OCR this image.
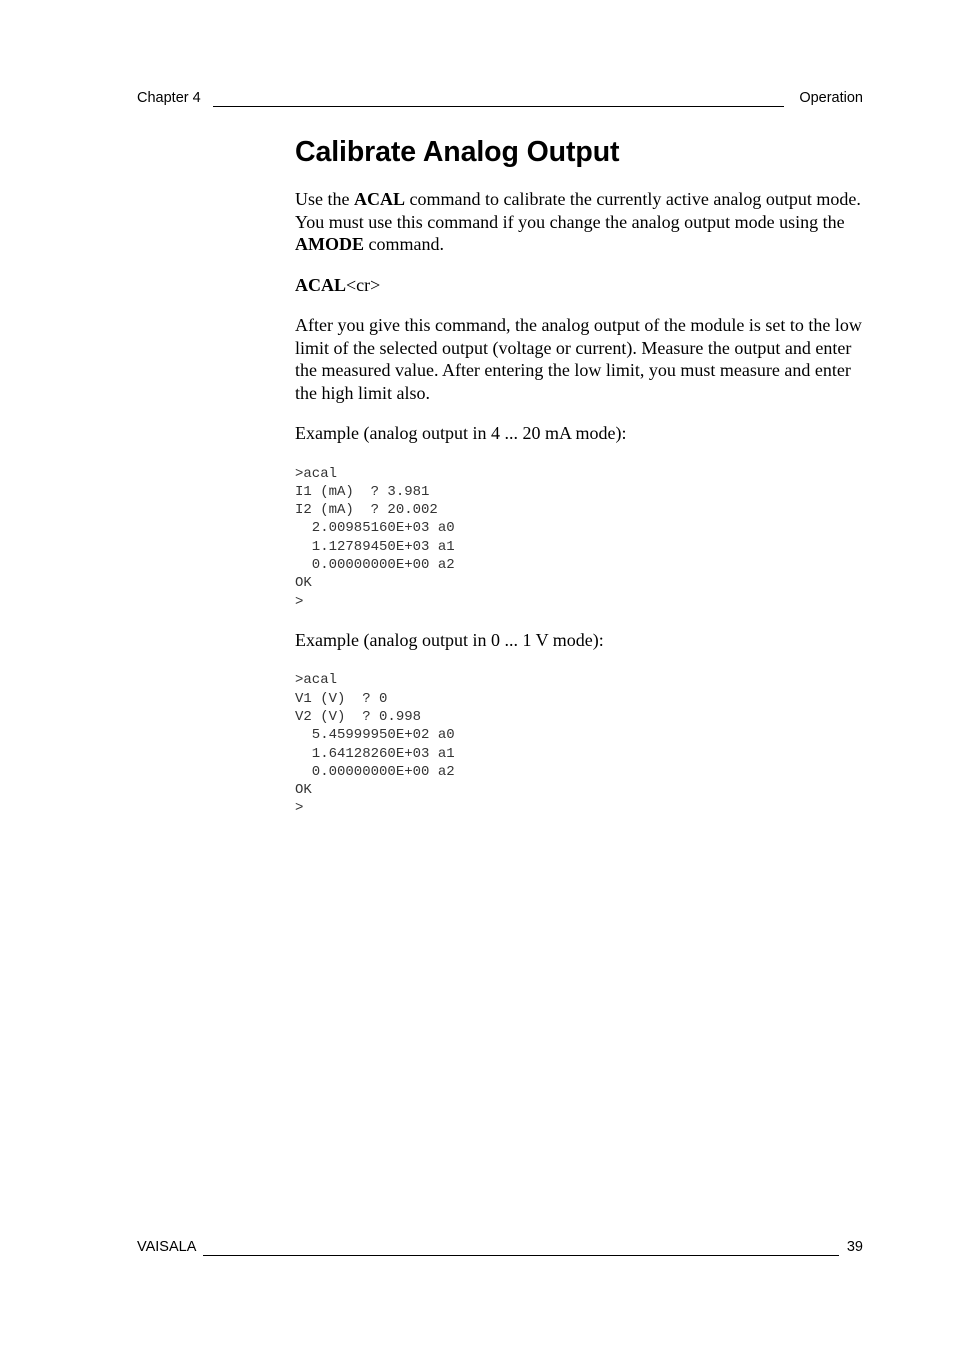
Chapter 4	Operation
Calibrate Analog Output

Use the ACAL command to calibrate the currently active analog output mode. You must use this command if you change the analog output mode using the AMODE command.

ACAL<cr>

After you give this command, the analog output of the module is set to the low limit of the selected output (voltage or current). Measure the output and enter the measured value. After entering the low limit, you must measure and enter the high limit also.

Example (analog output in 4 ... 20 mA mode):

>acal
I1 (mA)  ? 3.981
I2 (mA)  ? 20.002
2.00985160E+03 a0
1.12789450E+03 a1
0.00000000E+00 a2
OK
>

Example (analog output in 0 ... 1 V mode):

>acal
V1 (V)  ? 0
V2 (V)  ? 0.998
5.45999950E+02 a0
1.64128260E+03 a1
0.00000000E+00 a2
OK
>
VAISALA	39
